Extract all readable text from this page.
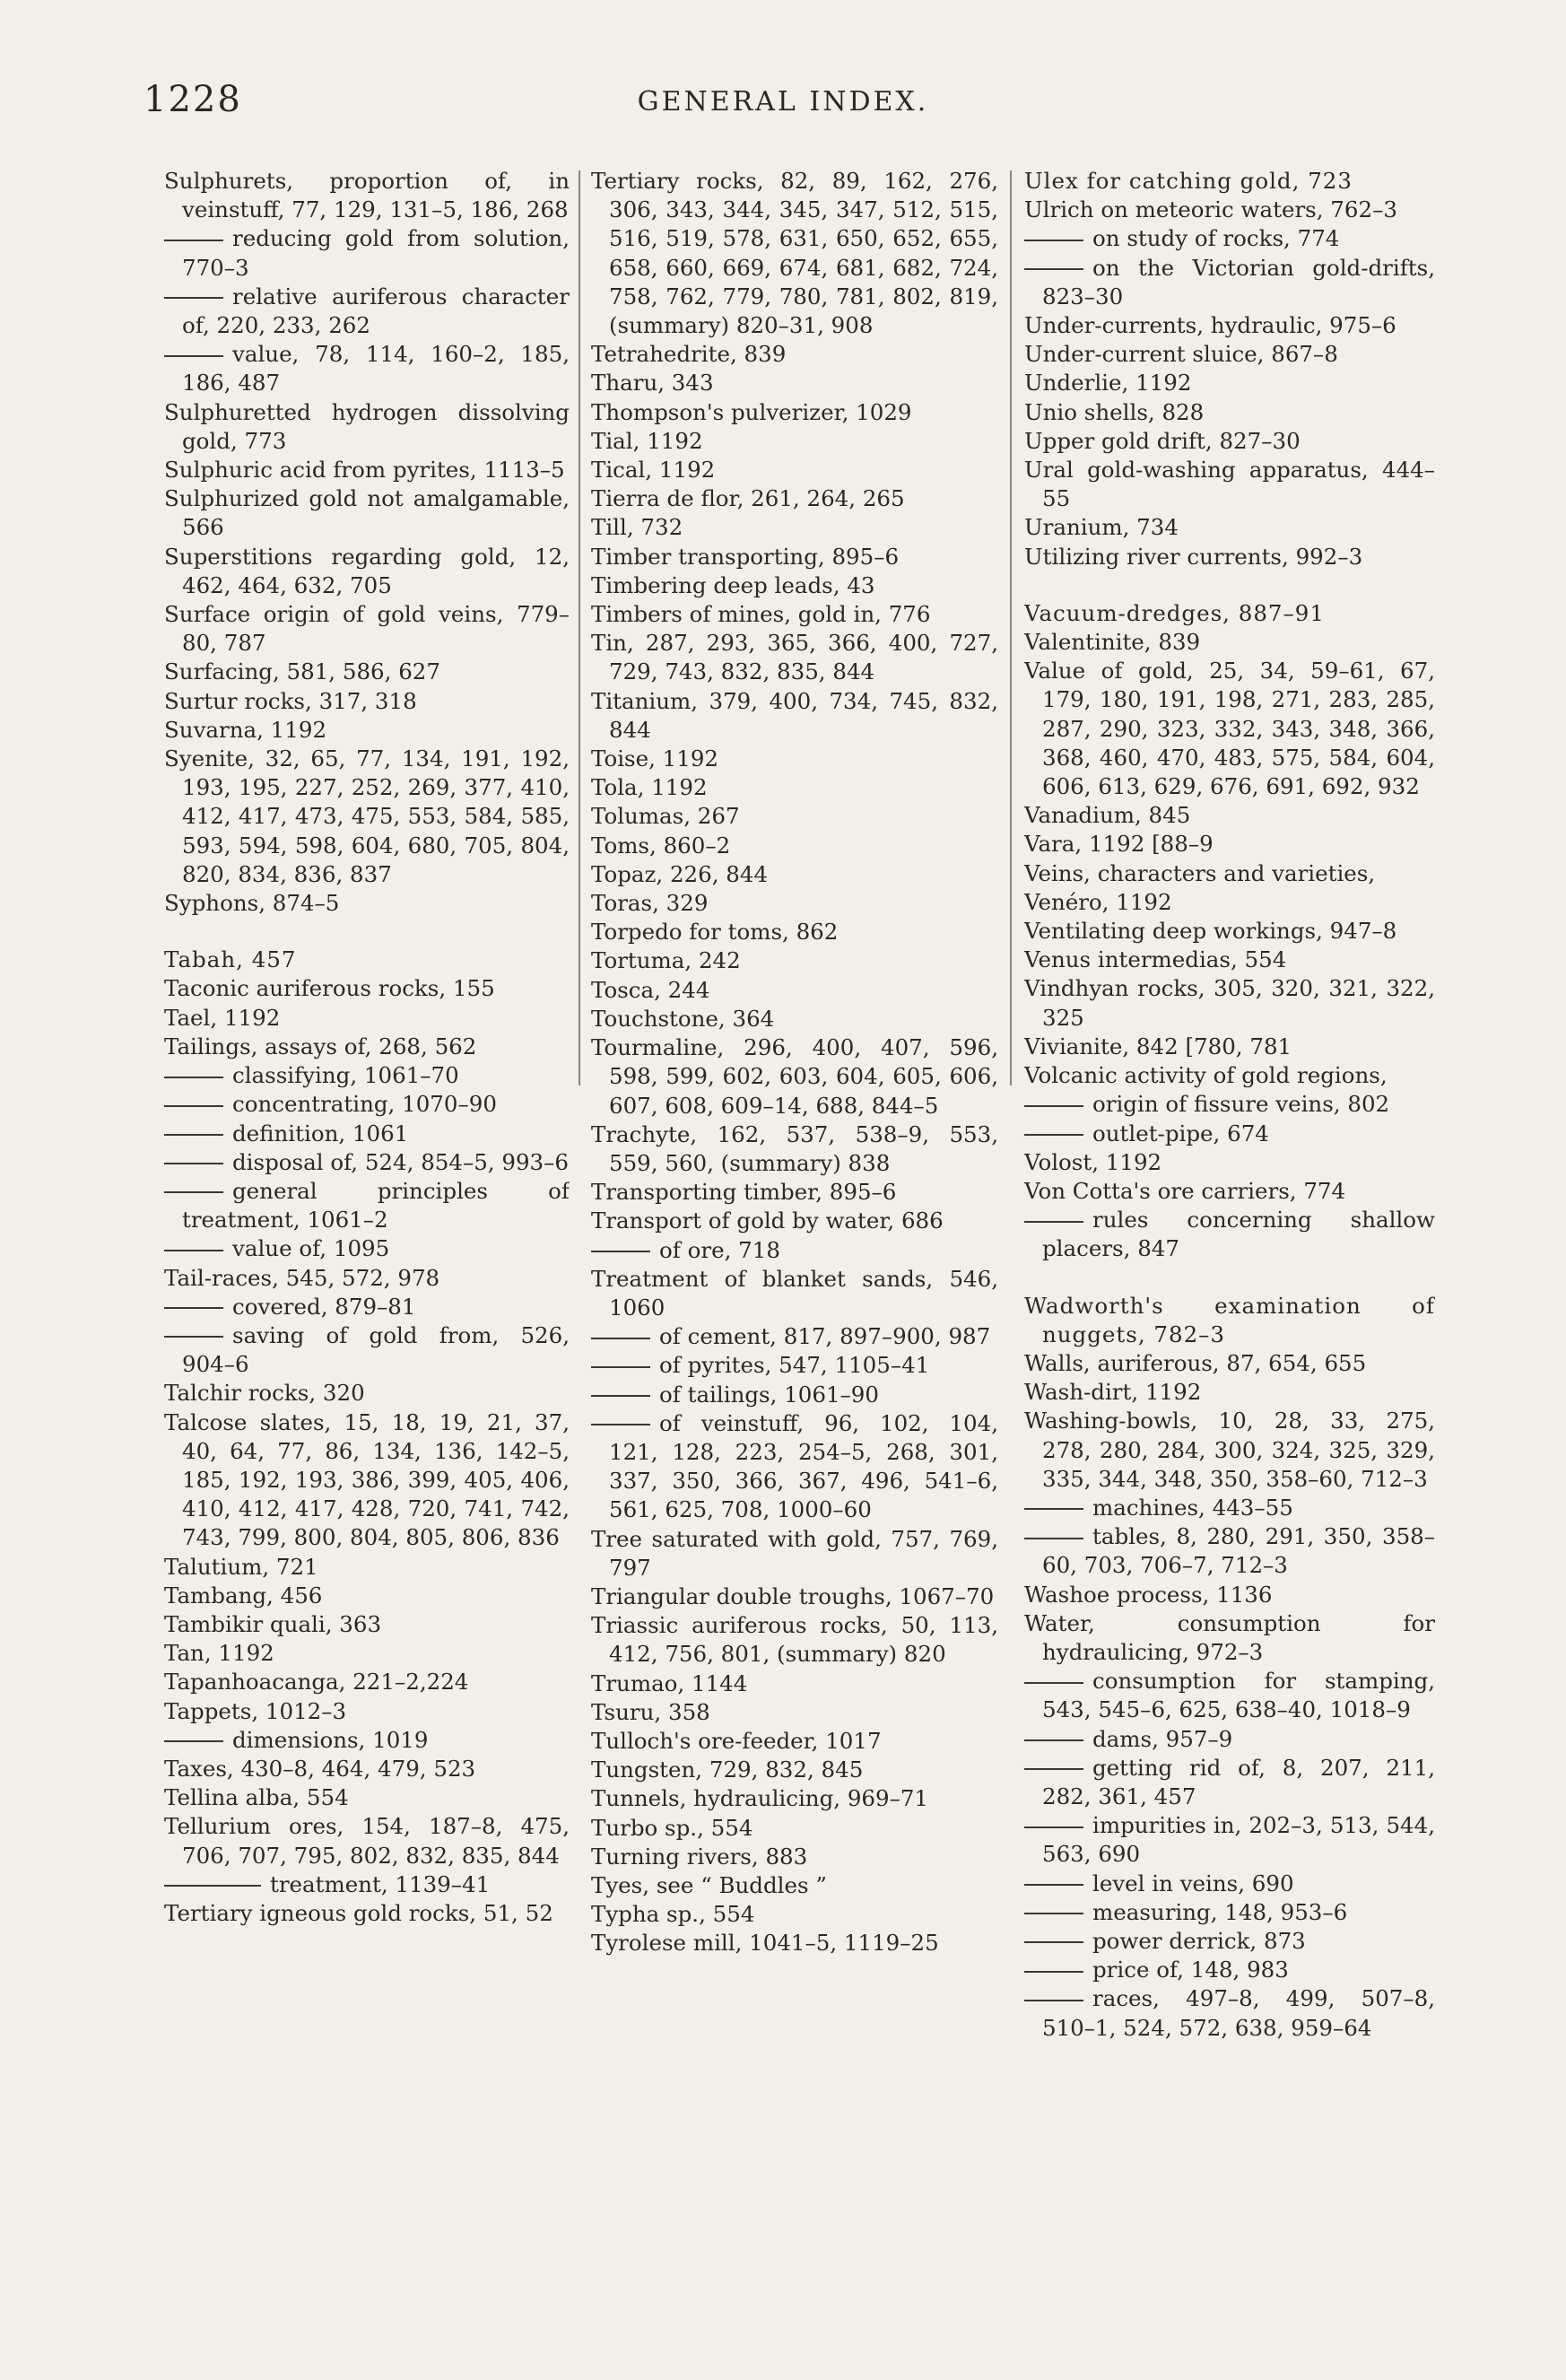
1228	GENERAL INDEX.
Sulphurets, proportion of, in veinstuff, 77, 129, 131–5, 186, 268
reducing gold from solution, 770–3
relative auriferous character of, 220, 233, 262
value, 78, 114, 160–2, 185, 186, 487
Sulphuretted hydrogen dissolving gold, 773
Sulphuric acid from pyrites, 1113–5
Sulphurized gold not amalgamable, 566
Superstitions regarding gold, 12, 462, 464, 632, 705
Surface origin of gold veins, 779–80, 787
Surfacing, 581, 586, 627
Surtur rocks, 317, 318
Suvarna, 1192
Syenite, 32, 65, 77, 134, 191, 192, 193, 195, 227, 252, 269, 377, 410, 412, 417, 473, 475, 553, 584, 585, 593, 594, 598, 604, 680, 705, 804, 820, 834, 836, 837
Syphons, 874–5
Tabah, 457
Taconic auriferous rocks, 155
Tael, 1192
Tailings, assays of, 268, 562
classifying, 1061–70
concentrating, 1070–90
definition, 1061
disposal of, 524, 854–5, 993–6
general principles of treatment, 1061–2
value of, 1095
Tail-races, 545, 572, 978
covered, 879–81
saving of gold from, 526, 904–6
Talchir rocks, 320
Talcose slates, 15, 18, 19, 21, 37, 40, 64, 77, 86, 134, 136, 142–5, 185, 192, 193, 386, 399, 405, 406, 410, 412, 417, 428, 720, 741, 742, 743, 799, 800, 804, 805, 806, 836
Talutium, 721
Tambang, 456
Tambikir quali, 363
Tan, 1192
Tapanhoacanga, 221–2,224
Tappets, 1012–3
dimensions, 1019
Taxes, 430–8, 464, 479, 523
Tellina alba, 554
Tellurium ores, 154, 187–8, 475, 706, 707, 795, 802, 832, 835, 844
treatment, 1139–41
Tertiary igneous gold rocks, 51, 52
Tertiary rocks, 82, 89, 162, 276, 306, 343, 344, 345, 347, 512, 515, 516, 519, 578, 631, 650, 652, 655, 658, 660, 669, 674, 681, 682, 724, 758, 762, 779, 780, 781, 802, 819, (summary) 820–31, 908
Tetrahedrite, 839
Tharu, 343
Thompson's pulverizer, 1029
Tial, 1192
Tical, 1192
Tierra de flor, 261, 264, 265
Till, 732
Timber transporting, 895–6
Timbering deep leads, 43
Timbers of mines, gold in, 776
Tin, 287, 293, 365, 366, 400, 727, 729, 743, 832, 835, 844
Titanium, 379, 400, 734, 745, 832, 844
Toise, 1192
Tola, 1192
Tolumas, 267
Toms, 860–2
Topaz, 226, 844
Toras, 329
Torpedo for toms, 862
Tortuma, 242
Tosca, 244
Touchstone, 364
Tourmaline, 296, 400, 407, 596, 598, 599, 602, 603, 604, 605, 606, 607, 608, 609–14, 688, 844–5
Trachyte, 162, 537, 538–9, 553, 559, 560, (summary) 838
Transporting timber, 895–6
Transport of gold by water, 686
of ore, 718
Treatment of blanket sands, 546, 1060
of cement, 817, 897–900, 987
of pyrites, 547, 1105–41
of tailings, 1061–90
of veinstuff, 96, 102, 104, 121, 128, 223, 254–5, 268, 301, 337, 350, 366, 367, 496, 541–6, 561, 625, 708, 1000–60
Tree saturated with gold, 757, 769, 797
Triangular double troughs, 1067–70
Triassic auriferous rocks, 50, 113, 412, 756, 801, (summary) 820
Trumao, 1144
Tsuru, 358
Tulloch's ore-feeder, 1017
Tungsten, 729, 832, 845
Tunnels, hydraulicing, 969–71
Turbo sp., 554
Turning rivers, 883
Tyes, see “ Buddles ”
Typha sp., 554
Tyrolese mill, 1041–5, 1119–25
Ulex for catching gold, 723
Ulrich on meteoric waters, 762–3
on study of rocks, 774
on the Victorian gold-drifts, 823–30
Under-currents, hydraulic, 975–6
Under-current sluice, 867–8
Underlie, 1192
Unio shells, 828
Upper gold drift, 827–30
Ural gold-washing apparatus, 444–55
Uranium, 734
Utilizing river currents, 992–3
Vacuum-dredges, 887–91
Valentinite, 839
Value of gold, 25, 34, 59–61, 67, 179, 180, 191, 198, 271, 283, 285, 287, 290, 323, 332, 343, 348, 366, 368, 460, 470, 483, 575, 584, 604, 606, 613, 629, 676, 691, 692, 932
Vanadium, 845
Vara, 1192 [88–9
Veins, characters and varieties,
Venéro, 1192
Ventilating deep workings, 947–8
Venus intermedias, 554
Vindhyan rocks, 305, 320, 321, 322, 325
Vivianite, 842 [780, 781
Volcanic activity of gold regions,
origin of fissure veins, 802
outlet-pipe, 674
Volost, 1192
Von Cotta's ore carriers, 774
rules concerning shallow placers, 847
Wadworth's examination of nuggets, 782–3
Walls, auriferous, 87, 654, 655
Wash-dirt, 1192
Washing-bowls, 10, 28, 33, 275, 278, 280, 284, 300, 324, 325, 329, 335, 344, 348, 350, 358–60, 712–3
machines, 443–55
tables, 8, 280, 291, 350, 358–60, 703, 706–7, 712–3
Washoe process, 1136
Water, consumption for hydraulicing, 972–3
consumption for stamping, 543, 545–6, 625, 638–40, 1018–9
dams, 957–9
getting rid of, 8, 207, 211, 282, 361, 457
impurities in, 202–3, 513, 544, 563, 690
level in veins, 690
measuring, 148, 953–6
power derrick, 873
price of, 148, 983
races, 497–8, 499, 507–8, 510–1, 524, 572, 638, 959–64
